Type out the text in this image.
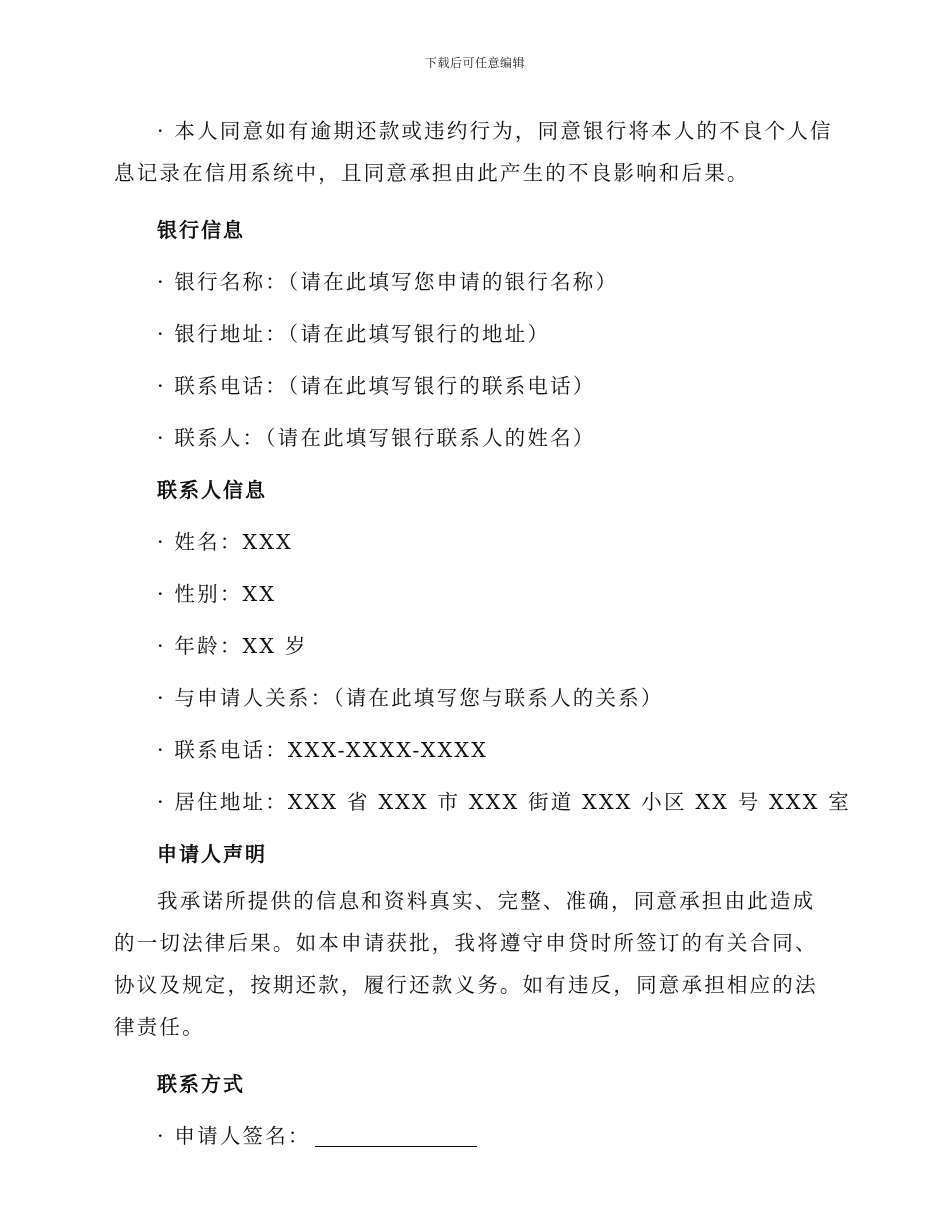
下载后可任意编辑

· 本人同意如有逾期还款或违约行为，同意银行将本人的不良个人信息记录在信用系统中，且同意承担由此产生的不良影响和后果。

银行信息
· 银行名称：（请在此填写您申请的银行名称）
· 银行地址：（请在此填写银行的地址）
· 联系电话：（请在此填写银行的联系电话）
· 联系人：（请在此填写银行联系人的姓名）
联系人信息
· 姓名：XXX
· 性别：XX
· 年龄：XX 岁
· 与申请人关系：（请在此填写您与联系人的关系）
· 联系电话：XXX-XXXX-XXXX
· 居住地址：XXX 省 XXX 市 XXX 街道 XXX 小区 XX 号 XXX 室
申请人声明

我承诺所提供的信息和资料真实、完整、准确，同意承担由此造成的一切法律后果。如本申请获批，我将遵守申贷时所签订的有关合同、协议及规定，按期还款，履行还款义务。如有违反，同意承担相应的法律责任。

联系方式
· 申请人签名：
